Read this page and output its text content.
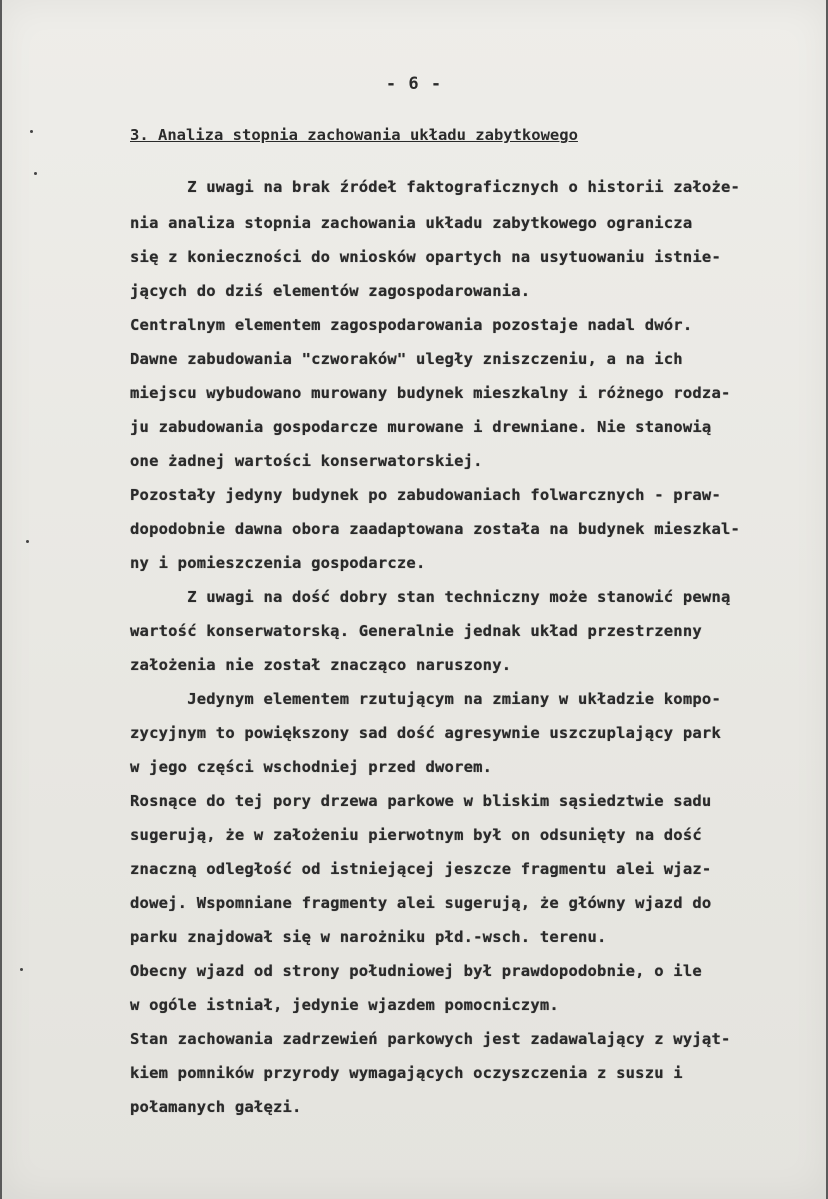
- 6 -
3. Analiza stopnia zachowania układu zabytkowego
Z uwagi na brak źródeł faktograficznych o historii założe-
nia analiza stopnia zachowania układu zabytkowego ogranicza
się z konieczności do wniosków opartych na usytuowaniu istnie-
jących do dziś elementów zagospodarowania.
Centralnym elementem zagospodarowania pozostaje nadal dwór.
Dawne zabudowania "czworaków" uległy zniszczeniu, a na ich
miejscu wybudowano murowany budynek mieszkalny i różnego rodza-
ju zabudowania gospodarcze murowane i drewniane. Nie stanowią
one żadnej wartości konserwatorskiej.
Pozostały jedyny budynek po zabudowaniach folwarcznych - praw-
dopodobnie dawna obora zaadaptowana została na budynek mieszkal-
ny i pomieszczenia gospodarcze.
Z uwagi na dość dobry stan techniczny może stanowić pewną
wartość konserwatorską. Generalnie jednak układ przestrzenny
założenia nie został znacząco naruszony.
Jedynym elementem rzutującym na zmiany w układzie kompo-
zycyjnym to powiększony sad dość agresywnie uszczuplający park
w jego części wschodniej przed dworem.
Rosnące do tej pory drzewa parkowe w bliskim sąsiedztwie sadu
sugerują, że w założeniu pierwotnym był on odsunięty na dość
znaczną odległość od istniejącej jeszcze fragmentu alei wjaz-
dowej. Wspomniane fragmenty alei sugerują, że główny wjazd do
parku znajdował się w narożniku płd.-wsch. terenu.
Obecny wjazd od strony południowej był prawdopodobnie, o ile
w ogóle istniał, jedynie wjazdem pomocniczym.
Stan zachowania zadrzewień parkowych jest zadawalający z wyjąt-
kiem pomników przyrody wymagających oczyszczenia z suszu i
połamanych gałęzi.
